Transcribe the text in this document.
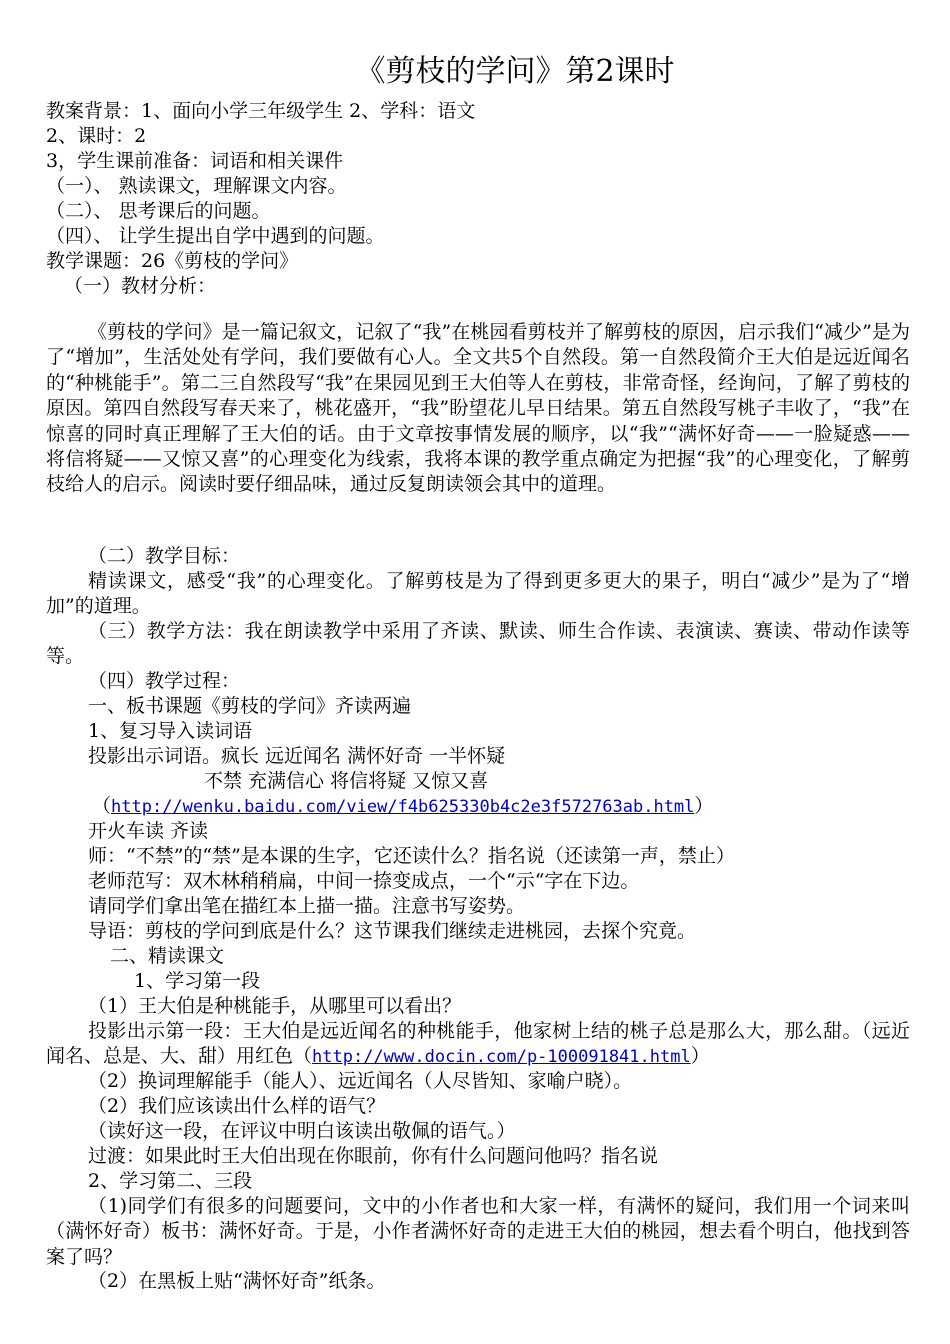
《剪枝的学问》第2课时
教案背景：1、面向小学三年级学生 2、学科：语文
2、课时：2
3，学生课前准备：词语和相关课件
（一）、 熟读课文，理解课文内容。
（二）、 思考课后的问题。
（四）、 让学生提出自学中遇到的问题。
教学课题：26《剪枝的学问》
（一）教材分析：
《剪枝的学问》是一篇记叙文，记叙了“我”在桃园看剪枝并了解剪枝的原因，启示我们“减少”是为了“增加”，生活处处有学问，我们要做有心人。全文共5个自然段。第一自然段简介王大伯是远近闻名的“种桃能手”。第二三自然段写“我”在果园见到王大伯等人在剪枝，非常奇怪，经询问，了解了剪枝的原因。第四自然段写春天来了，桃花盛开，“我”盼望花儿早日结果。第五自然段写桃子丰收了，“我”在惊喜的同时真正理解了王大伯的话。由于文章按事情发展的顺序，以“我”“满怀好奇——一脸疑惑——将信将疑——又惊又喜”的心理变化为线索，我将本课的教学重点确定为把握“我”的心理变化，了解剪枝给人的启示。阅读时要仔细品味，通过反复朗读领会其中的道理。
（二）教学目标：
精读课文，感受“我”的心理变化。了解剪枝是为了得到更多更大的果子，明白“减少”是为了“增加”的道理。
（三）教学方法：我在朗读教学中采用了齐读、默读、师生合作读、表演读、赛读、带动作读等等。
（四）教学过程：
一、板书课题《剪枝的学问》齐读两遍
1、复习导入读词语
投影出示词语。疯长 远近闻名 满怀好奇 一半怀疑
不禁 充满信心 将信将疑 又惊又喜
（http://wenku.baidu.com/view/f4b625330b4c2e3f572763ab.html）
开火车读 齐读
师：“不禁”的“禁”是本课的生字，它还读什么？指名说（还读第一声，禁止）
老师范写：双木林稍稍扁，中间一捺变成点，一个“示“字在下边。
请同学们拿出笔在描红本上描一描。注意书写姿势。
导语：剪枝的学问到底是什么？这节课我们继续走进桃园，去探个究竟。
二、精读课文
1、学习第一段
（1）王大伯是种桃能手，从哪里可以看出？
投影出示第一段：王大伯是远近闻名的种桃能手，他家树上结的桃子总是那么大，那么甜。（远近闻名、总是、大、甜）用红色（http://www.docin.com/p-100091841.html）
（2）换词理解能手（能人）、远近闻名（人尽皆知、家喻户晓）。
（2）我们应该读出什么样的语气？
（读好这一段，在评议中明白该读出敬佩的语气。）
过渡：如果此时王大伯出现在你眼前，你有什么问题问他吗？指名说
2、学习第二、三段
（1)同学们有很多的问题要问，文中的小作者也和大家一样，有满怀的疑问，我们用一个词来叫（满怀好奇）板书：满怀好奇。于是，小作者满怀好奇的走进王大伯的桃园，想去看个明白，他找到答案了吗？
（2）在黑板上贴“满怀好奇”纸条。
